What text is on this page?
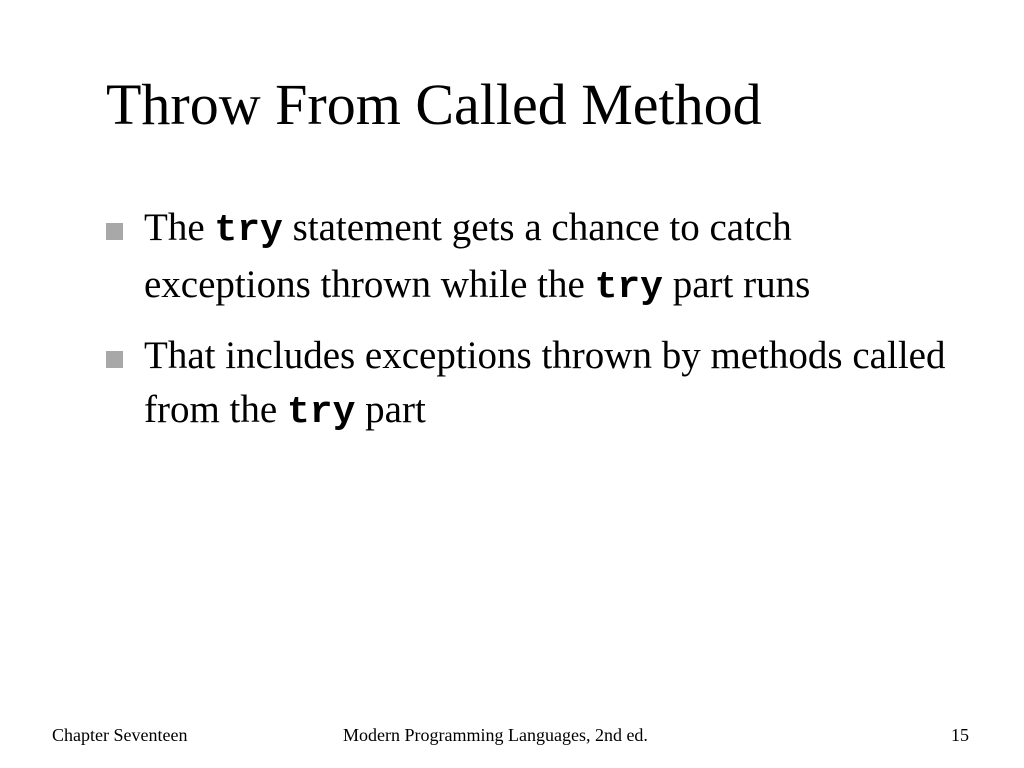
Throw From Called Method
The try statement gets a chance to catch exceptions thrown while the try part runs
That includes exceptions thrown by methods called from the try part
Chapter Seventeen	Modern Programming Languages, 2nd ed.	15
